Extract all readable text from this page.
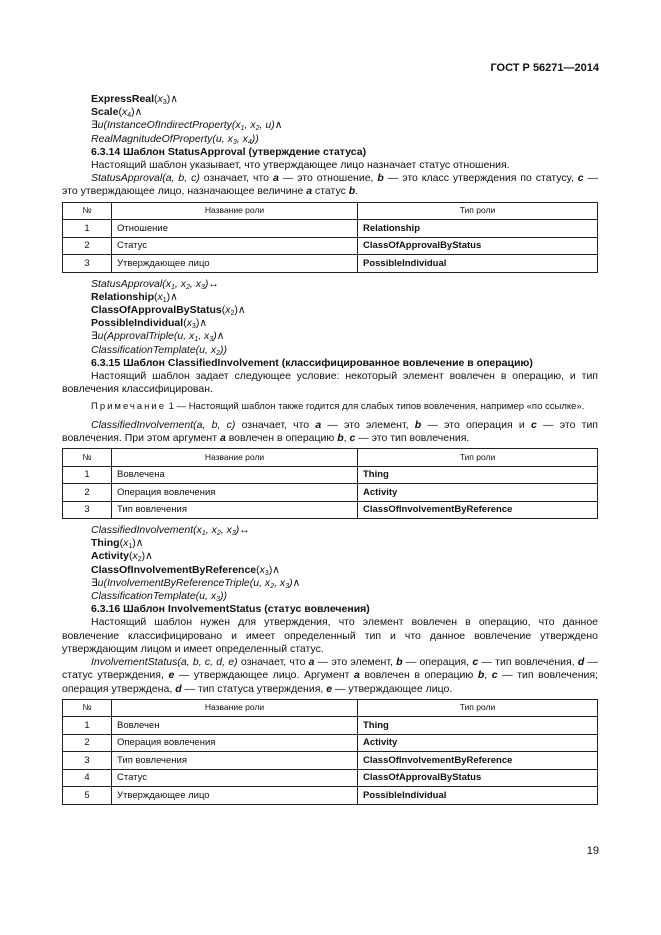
ГОСТ Р 56271—2014
$ExpressReal(x_3)\wedge$
$Scale(x_4)\wedge$
$\exists u(InstanceOfIndirectProperty(x_1$, $x_2$, u)∧
RealMagnitudeOfProperty(u, $x_3$, $x_4$))
6.3.14 Шаблон StatusApproval (утверждение статуса)
Настоящий шаблон указывает, что утверждающее лицо назначает статус отношения.
StatusApproval(a, b, c) означает, что a — это отношение, b — это класс утверждения по статусу, c — это утверждающее лицо, назначающее величине a статус b.
№	Название роли	Тип роли
1	Отношение	Relationship
2	Статус	ClassOfApprovalByStatus
3	Утверждающее лицо	PossibleIndividual
$StatusApproval(x_1$, $x_2$, $x_3)\leftrightarrow$
$Relationship(x_1)\wedge$
$ClassOfApprovalByStatus(x_2)\wedge$
$PossibleIndividual(x_3)\wedge$
∃u(ApprovalTriple(u, $x_1$, $x_3)\wedge$
ClassificationTemplate(u, $x_2$))
6.3.15 Шаблон ClassifiedInvolvement (классифицированное вовлечение в операцию)
Настоящий шаблон задает следующее условие: некоторый элемент вовлечен в операцию, и тип вовлечения классифицирован.
Примечание 1 — Настоящий шаблон также годится для слабых типов вовлечения, например «по ссылке».
ClassifiedInvolvement(a, b, c) означает, что a — это элемент, b — это операция и c — это тип вовлечения. При этом аргумент a вовлечен в операцию b, c — это тип вовлечения.
№	Название роли	Тип роли
1	Вовлечена	Thing
2	Операция вовлечения	Activity
3	Тип вовлечения	ClassOfInvolvementByReference
$ClassifiedInvolvement(x_1$, $x_2$, $x_3)\leftrightarrow$
$Thing(x_1)\wedge$
$Activity(x_2)\wedge$
$ClassOfInvolvementByReference(x_3)\wedge$
∃u(InvolvementByReferenceTriple(u, $x_2$, $x_3)\wedge$
ClassificationTemplate(u, $x_3$))
6.3.16 Шаблон InvolvementStatus (статус вовлечения)
Настоящий шаблон нужен для утверждения, что элемент вовлечен в операцию, что данное вовлечение классифицировано и имеет определенный тип и что данное вовлечение утверждено утверждающим лицом и имеет определенный статус.
InvolvementStatus(a, b, c, d, e) означает, что a — это элемент, b — операция, c — тип вовлечения, d — статус утверждения, e — утверждающее лицо. Аргумент a вовлечен в операцию b, c — тип вовлечения; операция утверждена, d — тип статуса утверждения, e — утверждающее лицо.
№	Название роли	Тип роли
1	Вовлечен	Thing
2	Операция вовлечения	Activity
3	Тип вовлечения	ClassOfInvolvementByReference
4	Статус	ClassOfApprovalByStatus
5	Утверждающее лицо	PossibleIndividual
19
